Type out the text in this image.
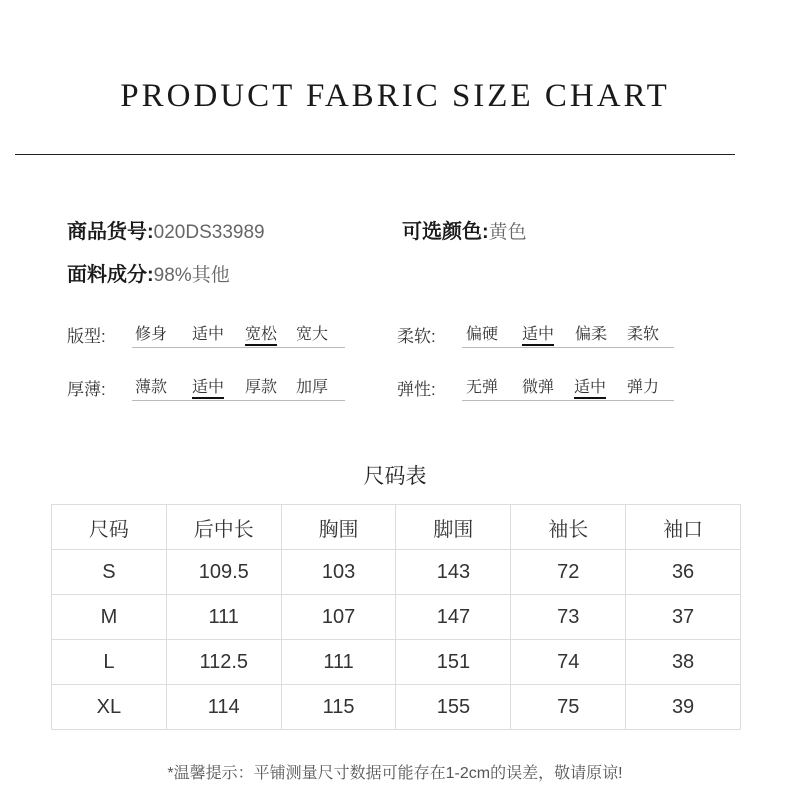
PRODUCT FABRIC SIZE CHART
商品货号:020DS33989	可选颜色:黄色
面料成分:98%其他
版型: 修身 适中 宽松 宽大	柔软: 偏硬 适中 偏柔 柔软
厚薄: 薄款 适中 厚款 加厚	弹性: 无弹 微弹 适中 弹力
尺码表
尺码	后中长	胸围	脚围	袖长	袖口
S	109.5	103	143	72	36
M	111	107	147	73	37
L	112.5	111	151	74	38
XL	114	115	155	75	39
*温馨提示：平铺测量尺寸数据可能存在1-2cm的误差，敬请原谅!
